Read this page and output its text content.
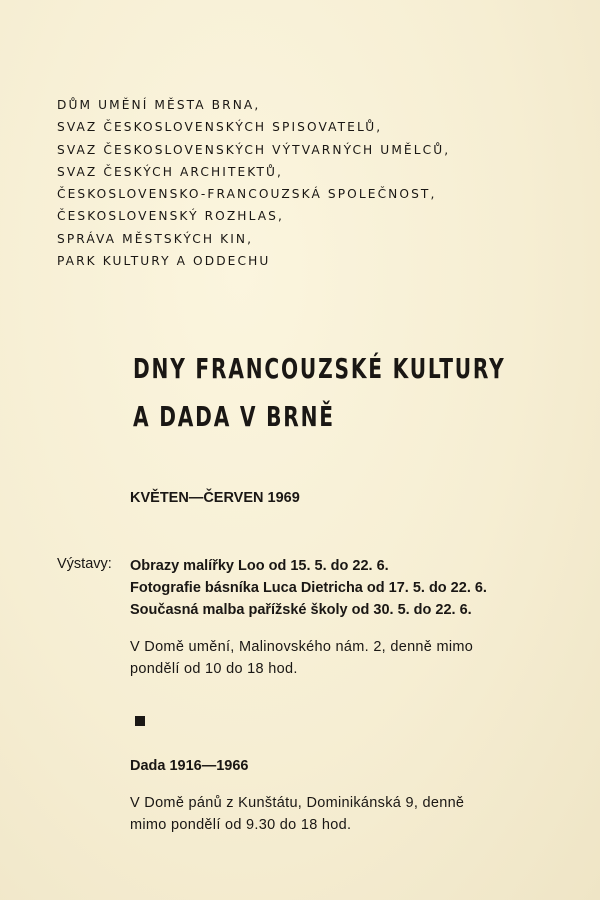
DŮM UMĚNÍ MĚSTA BRNA,
SVAZ ČESKOSLOVENSKÝCH SPISOVATELŮ,
SVAZ ČESKOSLOVENSKÝCH VÝTVARNÝCH UMĚLCŮ,
SVAZ ČESKÝCH ARCHITEKTŮ,
ČESKOSLOVENSKO-FRANCOUZSKÁ SPOLEČNOST,
ČESKOSLOVENSKÝ ROZHLAS,
SPRÁVA MĚSTSKÝCH KIN,
PARK KULTURY A ODDECHU
DNY FRANCOUZSKÉ KULTURY
A DADA V BRNĚ
KVĚTEN—ČERVEN 1969
Výstavy: Obrazy malířky Loo od 15. 5. do 22. 6.
Fotografie básníka Luca Dietricha od 17. 5. do 22. 6.
Současná malba pařížské školy od 30. 5. do 22. 6.
V Domě umění, Malinovského nám. 2, denně mimo
pondělí od 10 do 18 hod.
Dada 1916—1966
V Domě pánů z Kunštátu, Dominikánská 9, denně
mimo pondělí od 9.30 do 18 hod.
